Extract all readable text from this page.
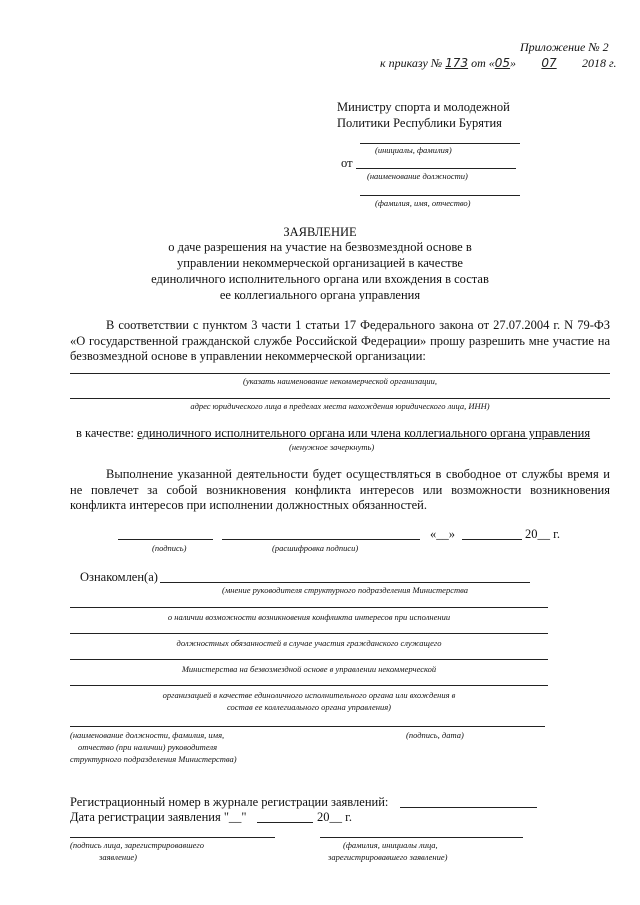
Приложение № 2
к приказу № 173 от «05» 07 2018 г.
Министру спорта и молодежной
Политики Республики Бурятия
(инициалы, фамилия)
от
(наименование должности)
(фамилия, имя, отчество)
ЗАЯВЛЕНИЕ
о даче разрешения на участие на безвозмездной основе в
управлении некоммерческой организацией в качестве
единоличного исполнительного органа или вхождения в состав
ее коллегиального органа управления
В соответствии с пунктом 3 части 1 статьи 17 Федерального закона от 27.07.2004 г. N 79-ФЗ «О государственной гражданской службе Российской Федерации» прошу разрешить мне участие на безвозмездной основе в управлении некоммерческой организации:
(указать наименование некоммерческой организации,
адрес юридического лица в пределах места нахождения юридического лица, ИНН)
в качестве: единоличного исполнительного органа или члена коллегиального органа управления
(ненужное зачеркнуть)
Выполнение указанной деятельности будет осуществляться в свободное от службы время и не повлечет за собой возникновения конфликта интересов или возможности возникновения конфликта интересов при исполнении должностных обязанностей.
«__»	20__ г.
(подпись)	(расшифровка подписи)
Ознакомлен(а)
(мнение руководителя структурного подразделения Министерства
о наличии возможности возникновения конфликта интересов при исполнении
должностных обязанностей в случае участия гражданского служащего
Министерства на безвозмездной основе в управлении некоммерческой
организацией в качестве единоличного исполнительного органа или вхождения в
состав ее коллегиального органа управления)
(наименование должности, фамилия, имя,
отчество (при наличии) руководителя
структурного подразделения Министерства)
(подпись, дата)
Регистрационный номер в журнале регистрации заявлений:
Дата регистрации заявления "__"	20__ г.
(подпись лица, зарегистрировавшего
заявление)
(фамилия, инициалы лица,
зарегистрировавшего заявление)
